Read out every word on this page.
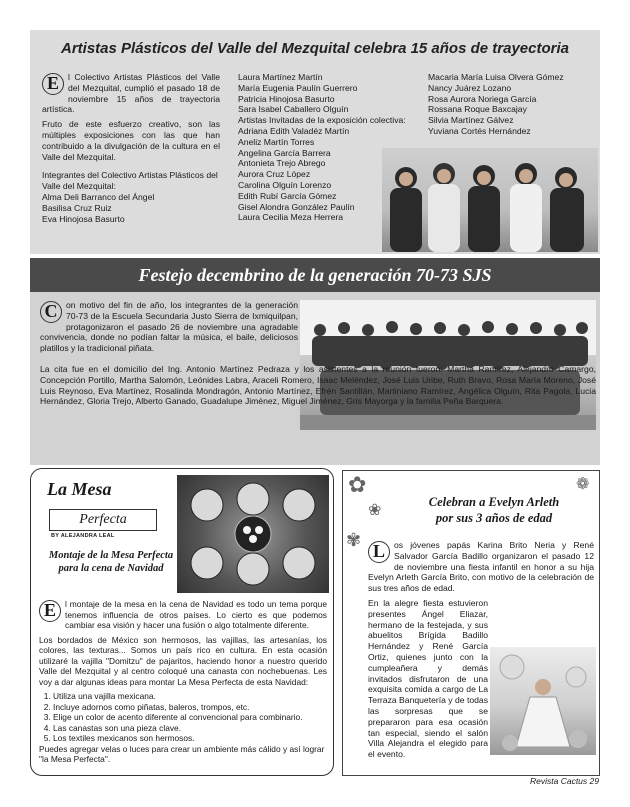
Artistas Plásticos del Valle del Mezquital celebra 15 años de trayectoria
E	l Colectivo Artistas Plásticos del Valle del Mezquital, cumplió el pasado 18 de noviembre 15 años de trayectoria artística.
Fruto de este esfuerzo creativo, son las múltiples exposiciones con las que han contribuido a la divulgación de la cultura en el Valle del Mezquital.
Integrantes del Colectivo Artistas Plásticos del Valle del Mezquital:
Alma Deli Barranco del Ángel
Basilisa Cruz Ruiz
Eva Hinojosa Basurto
Laura Martínez Martín
María Eugenia Paulín Guerrero
Patricia Hinojosa Basurto
Sara Isabel Caballero Olguín
Artistas Invitadas de la exposición colectiva:
Adriana Edith Valadéz Martín
Aneliz Martín Torres
Angelina García Barrera
Antonieta Trejo Abrego
Aurora Cruz López
Carolina Olguín Lorenzo
Edith Rubí García Gómez
Gisel Alondra González Paulín
Laura Cecilia Meza Herrera
Macaria María Luisa Olvera Gómez
Nancy Juárez Lozano
Rosa Aurora Noriega García
Rossana Roque Baxcajay
Silvia Martínez Gálvez
Yuviana Cortés Hernández
Festejo decembrino de la generación 70-73 SJS
C on motivo del fin de año, los integrantes de la generación 70-73 de la Escuela Secundaria Justo Sierra de Ixmiquilpan, protagonizaron el pasado 26 de noviembre una agradable convivencia, donde no podían faltar la música, el baile, deliciosos platillos y la tradicional piñata.
La cita fue en el domicilio del Ing. Antonio Martínez Pedraza y los asistentes a la reunión fueron: Martha Ramírez, Alejandro Camargo, Concepción Portillo, Martha Salomón, Leónides Labra, Araceli Romero, Isaac Meléndez, José Luis Uribe, Ruth Bravo, Rosa María Moreno, José Luis Reynoso, Eva Martínez, Rosalinda Mondragón, Antonio Martínez, Efrén Santillán, Martiniano Ramírez, Angélica Olguín, Rita Pagola, Lucia Hernández, Gloria Trejo, Alberto Ganado, Guadalupe Jiménez, Miguel Jiménez, Gris Mayorga y la familia Peña Barquera.
La Mesa
Perfecta
BY ALEJANDRA LEAL
Montaje de la Mesa Perfecta para la cena de Navidad
E	l montaje de la mesa en la cena de Navidad es todo un tema porque tenemos influencia de otros países. Lo cierto es que podemos cambiar esa visión y hacer una fusión o algo totalmente diferente.
Los bordados de México son hermosos, las vajillas, las artesanías, los colores, las texturas... Somos un país rico en cultura. En esta ocasión utilizaré la vajilla "Domitzu" de pajaritos, haciendo honor a nuestro querido Valle del Mezquital y al centro coloqué una canasta con nochebuenas. Les voy a dar algunas ideas para montar La Mesa Perfecta de esta Navidad:
1. Utiliza una vajilla mexicana.
2. Incluye adornos como piñatas, baleros, trompos, etc.
3. Elige un color de acento diferente al convencional para combinario.
4. Las canastas son una pieza clave.
5. Los textiles mexicanos son hermosos.
Puedes agregar velas o luces para crear un ambiente más cálido y así lograr "la Mesa Perfecta".
✿
❀
✾
❁
Celebran a Evelyn Arleth
por sus 3 años de edad
L	os jóvenes papás Karina Brito Neria y René Salvador García Badillo organizaron el pasado 12 de noviembre una fiesta infantil en honor a su hija Evelyn Arleth García Brito, con motivo de la celebración de sus tres años de edad.
En la alegre fiesta estuvieron presentes Ángel Eliazar, hermano de la festejada, y sus abuelitos Brígida Badillo Hernández y René García Ortiz, quienes junto con la cumpleañera y demás invitados disfrutaron de una exquisita comida a cargo de La Terraza Banquetería y de todas las sorpresas que se prepararon para esa ocasión tan especial, siendo el salón Villa Alejandra el elegido para el evento.
Revista Cactus 29
